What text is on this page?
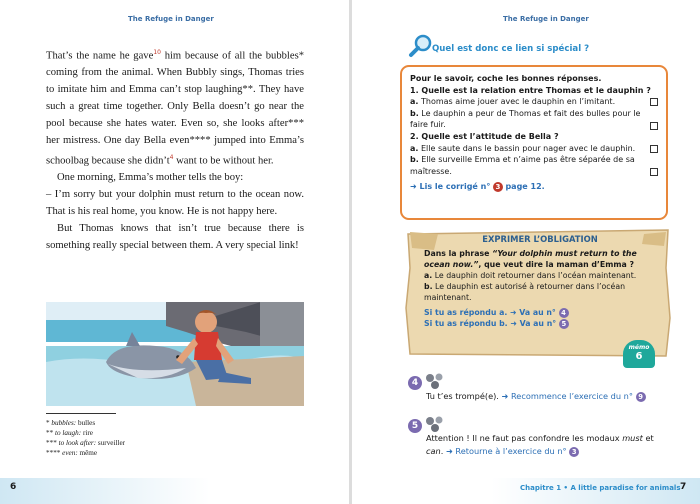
The Refuge in Danger

That’s the name he gave$^{10}$ him because of all the bubbles* coming from the animal. When Bubbly sings, Thomas tries to imitate him and Emma can’t stop laughing**. They have such a great time together. Only Bella doesn’t go near the pool because she hates water. Even so, she looks after*** her mistress. One day Bella even**** jumped into Emma’s schoolbag because she $didn’t^4$ want to be without her.

One morning, Emma’s mother tells the boy:

– I’m sorry but your dolphin must return to the ocean now. That is his real home, you know. He is not happy here.

But Thomas knows that isn’t true because there is something really special between them. A very special link!

* bubbles: bulles
** to laugh: rire
*** to look after: surveiller
**** even: même
6
The Refuge in Danger
Quel est donc ce lien si spécial ?
Pour le savoir, coche les bonnes réponses.
1. Quelle est la relation entre Thomas et le dauphin ?
a. Thomas aime jouer avec le dauphin en l’imitant.
b. Le dauphin a peur de Thomas et fait des bulles pour le faire fuir.
2. Quelle est l’attitude de Bella ?
a. Elle saute dans le bassin pour nager avec le dauphin.
b. Elle surveille Emma et n’aime pas être séparée de sa maîtresse.
➜ Lis le corrigé n° 3 page 12.
EXPRIMER L’OBLIGATION
Dans la phrase “Your dolphin must return to the ocean now.”, que veut dire la maman d’Emma ?
a. Le dauphin doit retourner dans l’océan maintenant.
b. Le dauphin est autorisé à retourner dans l’océan maintenant.
Si tu as répondu a. ➜ Va au n° 4
Si tu as répondu b. ➜ Va au n° 5
mémo
6
4
Tu t’es trompé(e). ➜ Recommence l’exercice du n° 9
5
Attention ! Il ne faut pas confondre les modaux must et can. ➜ Retourne à l’exercice du n° 3
Chapitre 1 • A little paradise for animals 7
